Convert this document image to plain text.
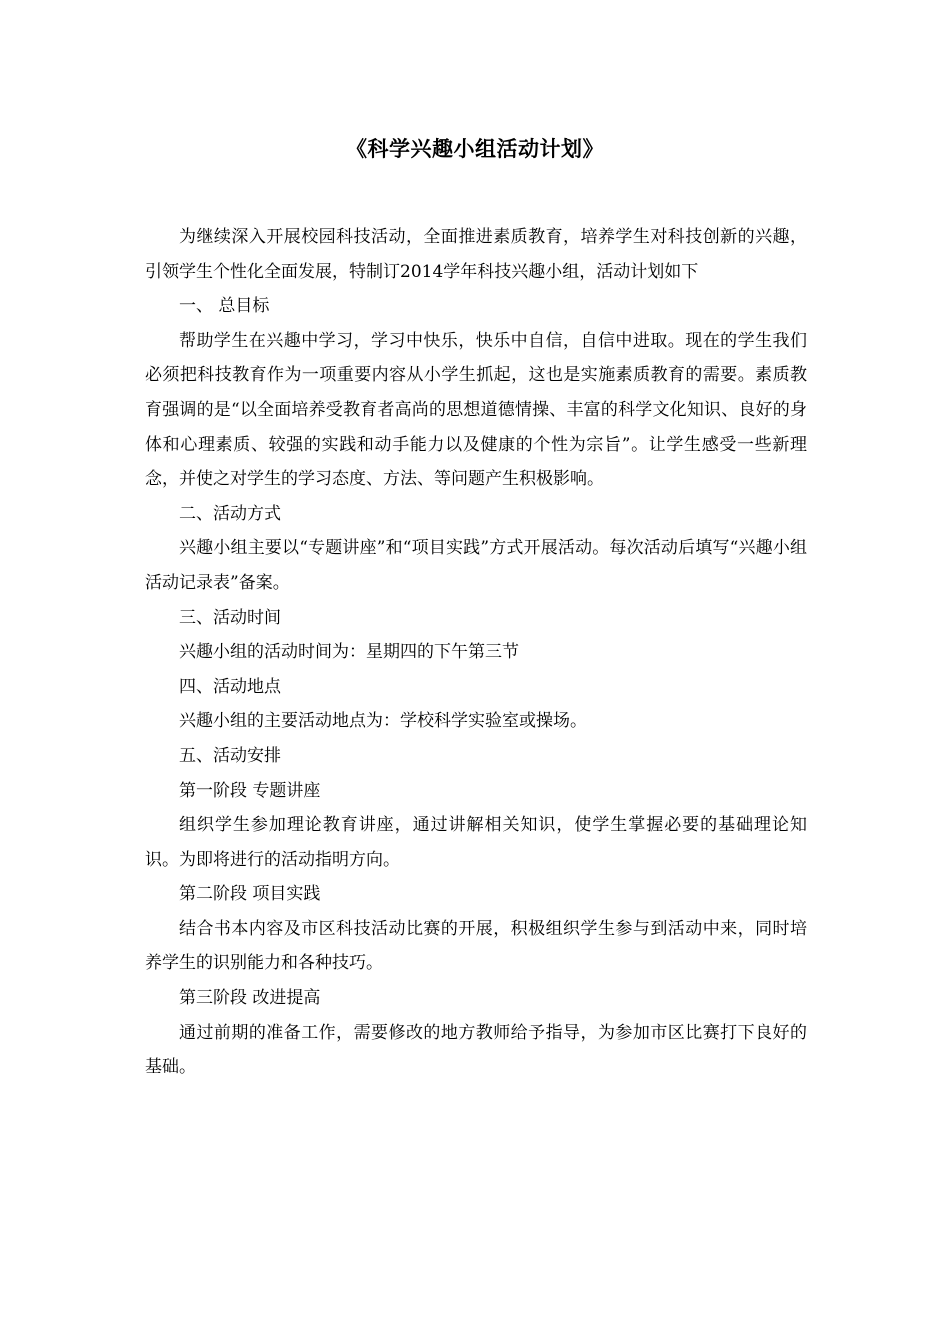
《科学兴趣小组活动计划》

为继续深入开展校园科技活动，全面推进素质教育，培养学生对科技创新的兴趣，引领学生个性化全面发展，特制订2014学年科技兴趣小组，活动计划如下

一、 总目标

帮助学生在兴趣中学习，学习中快乐，快乐中自信，自信中进取。现在的学生我们必须把科技教育作为一项重要内容从小学生抓起，这也是实施素质教育的需要。素质教育强调的是“以全面培养受教育者高尚的思想道德情操、丰富的科学文化知识、良好的身体和心理素质、较强的实践和动手能力以及健康的个性为宗旨”。让学生感受一些新理念，并使之对学生的学习态度、方法、等问题产生积极影响。

二、活动方式

兴趣小组主要以“专题讲座”和“项目实践”方式开展活动。每次活动后填写“兴趣小组活动记录表”备案。

三、活动时间

兴趣小组的活动时间为：星期四的下午第三节

四、活动地点

兴趣小组的主要活动地点为：学校科学实验室或操场。

五、活动安排

第一阶段 专题讲座

组织学生参加理论教育讲座，通过讲解相关知识，使学生掌握必要的基础理论知识。为即将进行的活动指明方向。

第二阶段 项目实践

结合书本内容及市区科技活动比赛的开展，积极组织学生参与到活动中来，同时培养学生的识别能力和各种技巧。

第三阶段 改进提高

通过前期的准备工作，需要修改的地方教师给予指导，为参加市区比赛打下良好的基础。
